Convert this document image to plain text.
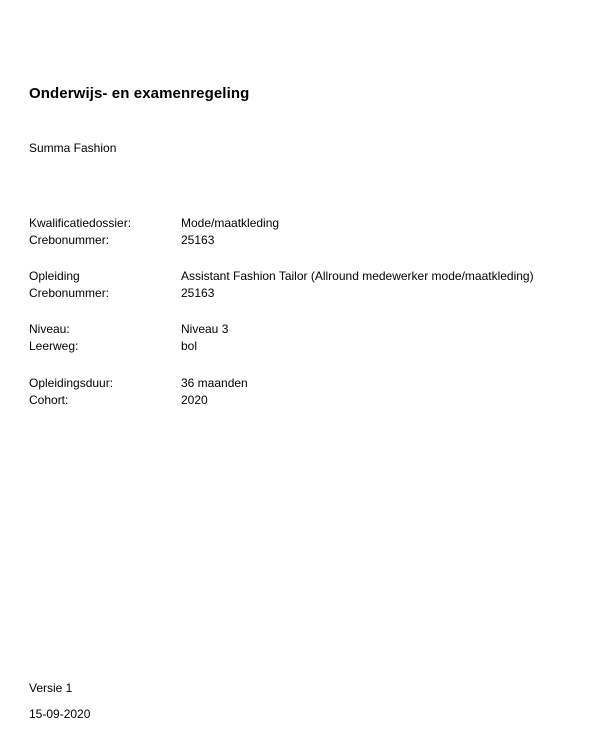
Onderwijs- en examenregeling
Summa Fashion
Kwalificatiedossier:	Mode/maatkleding
Crebonummer:	25163
Opleiding	Assistant Fashion Tailor (Allround medewerker mode/maatkleding)
Crebonummer:	25163
Niveau:	Niveau 3
Leerweg:	bol
Opleidingsduur:	36 maanden
Cohort:	2020
Versie 1
15-09-2020
